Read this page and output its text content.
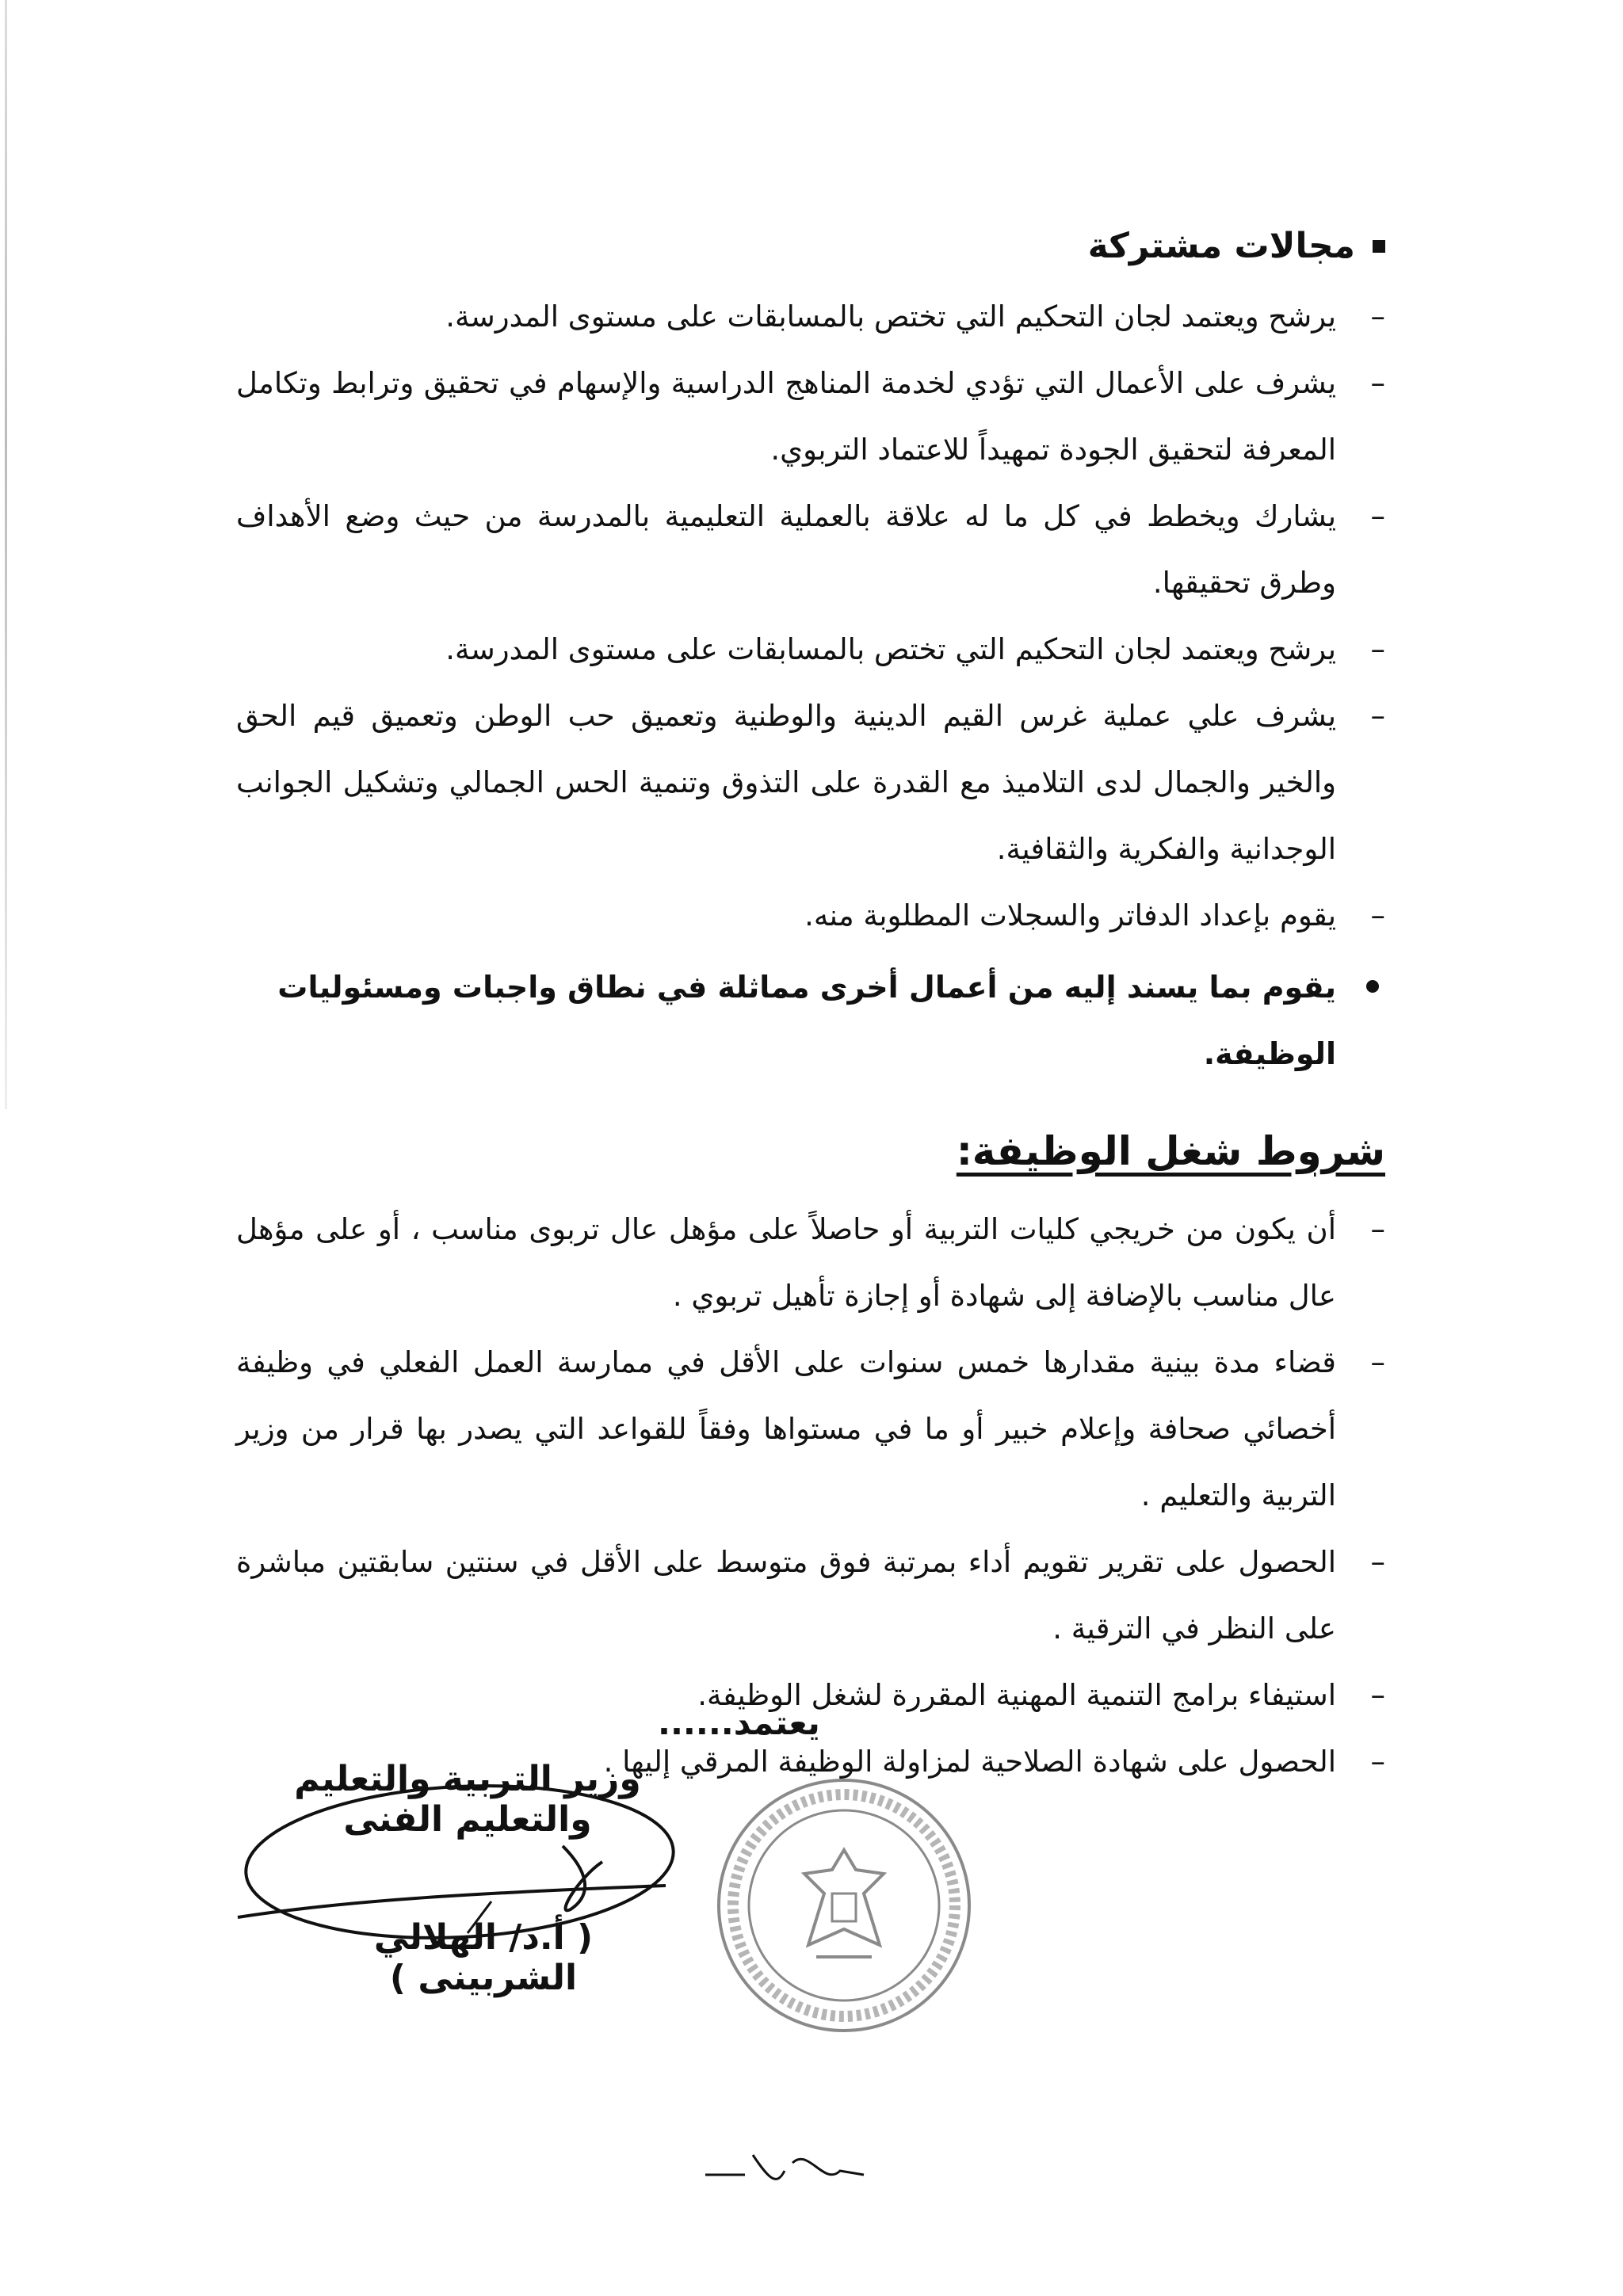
مجالات مشتركة

–
يرشح ويعتمد لجان التحكيم التي تختص بالمسابقات على مستوى المدرسة.

–
يشرف على الأعمال التي تؤدي لخدمة المناهج الدراسية والإسهام في تحقيق وترابط وتكامل المعرفة لتحقيق الجودة تمهيداً للاعتماد التربوي.

–
يشارك ويخطط في كل ما له علاقة بالعملية التعليمية بالمدرسة من حيث وضع الأهداف وطرق تحقيقها.

–
يرشح ويعتمد لجان التحكيم التي تختص بالمسابقات على مستوى المدرسة.

–
يشرف علي عملية غرس القيم الدينية والوطنية وتعميق حب الوطن وتعميق قيم الحق والخير والجمال لدى التلاميذ مع القدرة على التذوق وتنمية الحس الجمالي وتشكيل الجوانب الوجدانية والفكرية والثقافية.

–
يقوم بإعداد الدفاتر والسجلات المطلوبة منه.

يقوم بما يسند إليه من أعمال أخرى مماثلة في نطاق واجبات ومسئوليات الوظيفة.

شروط شغل الوظيفة:

–
أن يكون من خريجي كليات التربية أو حاصلاً على مؤهل عال تربوى مناسب ، أو على مؤهل عال مناسب بالإضافة إلى شهادة أو إجازة تأهيل تربوي .

–
قضاء مدة بينية مقدارها خمس سنوات على الأقل في ممارسة العمل الفعلي في وظيفة أخصائي صحافة وإعلام خبير أو ما في مستواها وفقاً للقواعد التي يصدر بها قرار من وزير التربية والتعليم .

–
الحصول على تقرير تقويم أداء بمرتبة فوق متوسط على الأقل في سنتين سابقتين مباشرة على النظر في الترقية .

–
استيفاء برامج التنمية المهنية المقررة لشغل الوظيفة.

–
الحصول على شهادة الصلاحية لمزاولة الوظيفة المرقي إليها .

يعتمد......
وزير التربية والتعليم والتعليم الفنى
( أ.د/ الهلالي الشربينى )
